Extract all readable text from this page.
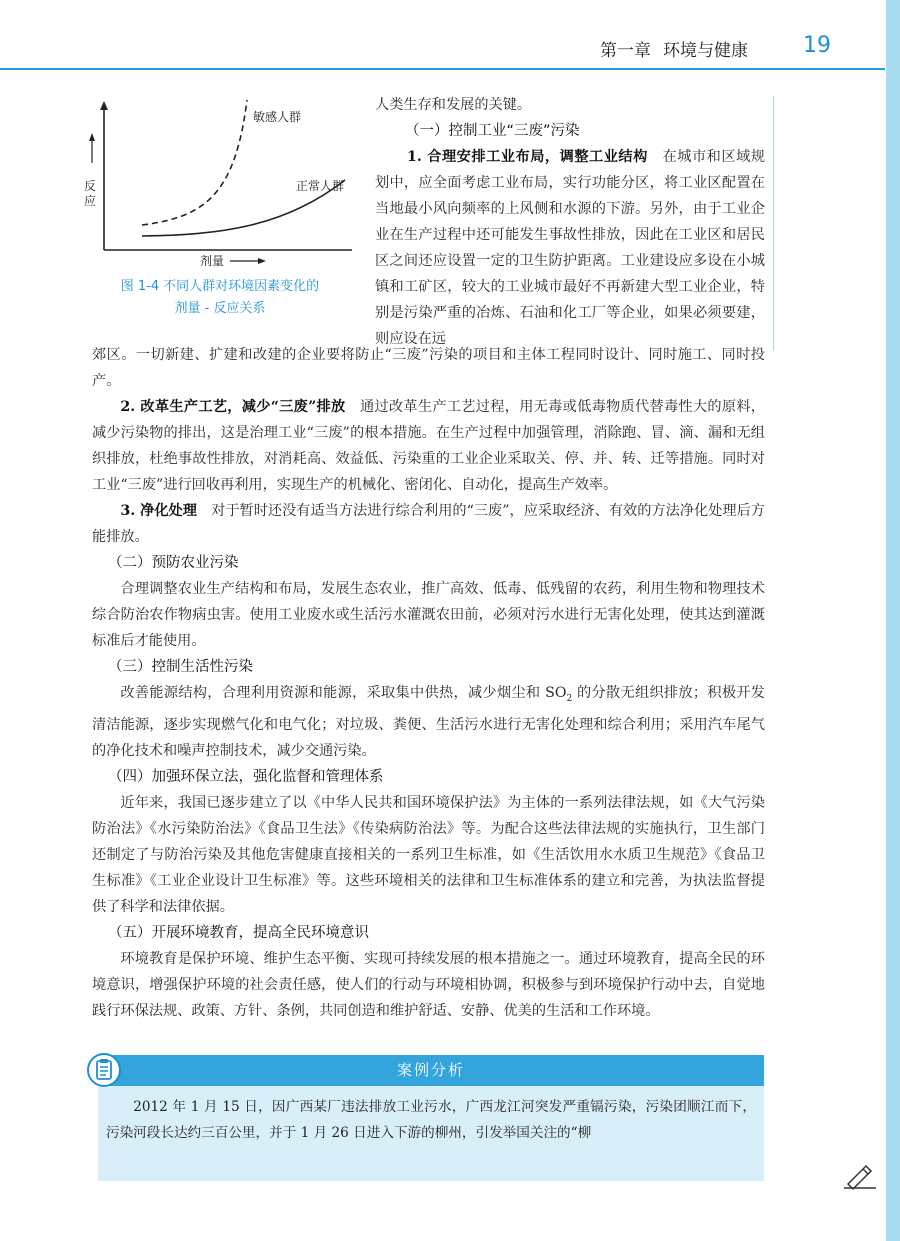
第一章 环境与健康	19
敏感人群
正常人群
反
应
剂量
图 1-4 不同人群对环境因素变化的
剂量 - 反应关系

人类生存和发展的关键。

（一）控制工业“三废”污染

1. 合理安排工业布局，调整工业结构　 在城市和区域规划中，应全面考虑工业布局，实行功能分区，将工业区配置在当地最小风向频率的上风侧和水源的下游。另外，由于工业企业在生产过程中还可能发生事故性排放，因此在工业区和居民区之间还应设置一定的卫生防护距离。工业建设应多设在小城镇和工矿区，较大的工业城市最好不再新建大型工业企业，特别是污染严重的冶炼、石油和化工厂等企业，如果必须要建，则应设在远

郊区。一切新建、扩建和改建的企业要将防止“三废”污染的项目和主体工程同时设计、同时施工、同时投产。

2. 改革生产工艺，减少“三废”排放　 通过改革生产工艺过程，用无毒或低毒物质代替毒性大的原料，减少污染物的排出，这是治理工业“三废”的根本措施。在生产过程中加强管理，消除跑、冒、滴、漏和无组织排放，杜绝事故性排放，对消耗高、效益低、污染重的工业企业采取关、停、并、转、迁等措施。同时对工业“三废”进行回收再利用，实现生产的机械化、密闭化、自动化，提高生产效率。

3. 净化处理　 对于暂时还没有适当方法进行综合利用的“三废”，应采取经济、有效的方法净化处理后方能排放。

（二）预防农业污染

合理调整农业生产结构和布局，发展生态农业，推广高效、低毒、低残留的农药，利用生物和物理技术综合防治农作物病虫害。使用工业废水或生活污水灌溉农田前，必须对污水进行无害化处理，使其达到灌溉标准后才能使用。

（三）控制生活性污染

改善能源结构，合理利用资源和能源，采取集中供热，减少烟尘和 $SO_2$ 的分散无组织排放；积极开发清洁能源，逐步实现燃气化和电气化；对垃圾、粪便、生活污水进行无害化处理和综合利用；采用汽车尾气的净化技术和噪声控制技术，减少交通污染。

（四）加强环保立法，强化监督和管理体系

近年来，我国已逐步建立了以《中华人民共和国环境保护法》为主体的一系列法律法规，如《大气污染防治法》《水污染防治法》《食品卫生法》《传染病防治法》等。为配合这些法律法规的实施执行，卫生部门还制定了与防治污染及其他危害健康直接相关的一系列卫生标准，如《生活饮用水水质卫生规范》《食品卫生标准》《工业企业设计卫生标准》等。这些环境相关的法律和卫生标准体系的建立和完善，为执法监督提供了科学和法律依据。

（五）开展环境教育，提高全民环境意识

环境教育是保护环境、维护生态平衡、实现可持续发展的根本措施之一。通过环境教育，提高全民的环境意识，增强保护环境的社会责任感，使人们的行动与环境相协调，积极参与到环境保护行动中去，自觉地践行环保法规、政策、方针、条例，共同创造和维护舒适、安静、优美的生活和工作环境。

案例分析
2012 年 1 月 15 日，因广西某厂违法排放工业污水，广西龙江河突发严重镉污染，污染团顺江而下，污染河段长达约三百公里，并于 1 月 26 日进入下游的柳州，引发举国关注的“柳
